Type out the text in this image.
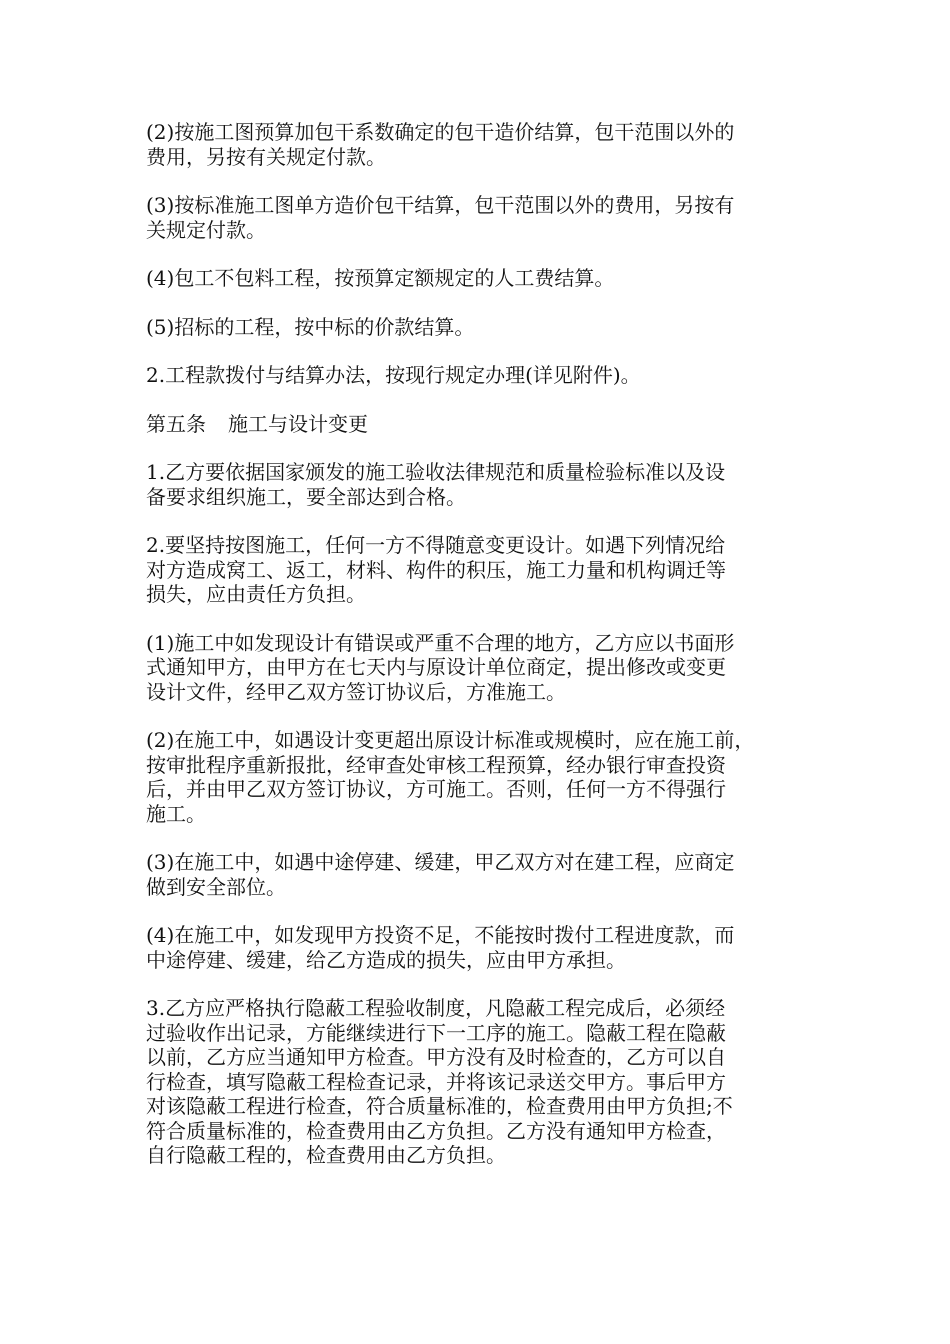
(2)按施工图预算加包干系数确定的包干造价结算，包干范围以外的
费用，另按有关规定付款。

(3)按标准施工图单方造价包干结算，包干范围以外的费用，另按有
关规定付款。

(4)包工不包料工程，按预算定额规定的人工费结算。

(5)招标的工程，按中标的价款结算。

2.工程款拨付与结算办法，按现行规定办理(详见附件)。

第五条 施工与设计变更

1.乙方要依据国家颁发的施工验收法律规范和质量检验标准以及设
备要求组织施工，要全部达到合格。

2.要坚持按图施工，任何一方不得随意变更设计。如遇下列情况给
对方造成窝工、返工，材料、构件的积压，施工力量和机构调迁等
损失，应由责任方负担。

(1)施工中如发现设计有错误或严重不合理的地方，乙方应以书面形
式通知甲方，由甲方在七天内与原设计单位商定，提出修改或变更
设计文件，经甲乙双方签订协议后，方准施工。

(2)在施工中，如遇设计变更超出原设计标准或规模时，应在施工前，
按审批程序重新报批，经审查处审核工程预算，经办银行审查投资
后，并由甲乙双方签订协议，方可施工。否则，任何一方不得强行
施工。

(3)在施工中，如遇中途停建、缓建，甲乙双方对在建工程，应商定
做到安全部位。

(4)在施工中，如发现甲方投资不足，不能按时拨付工程进度款，而
中途停建、缓建，给乙方造成的损失，应由甲方承担。

3.乙方应严格执行隐蔽工程验收制度，凡隐蔽工程完成后，必须经
过验收作出记录，方能继续进行下一工序的施工。隐蔽工程在隐蔽
以前，乙方应当通知甲方检查。甲方没有及时检查的，乙方可以自
行检查，填写隐蔽工程检查记录，并将该记录送交甲方。事后甲方
对该隐蔽工程进行检查，符合质量标准的，检查费用由甲方负担;不
符合质量标准的，检查费用由乙方负担。乙方没有通知甲方检查，
自行隐蔽工程的，检查费用由乙方负担。
